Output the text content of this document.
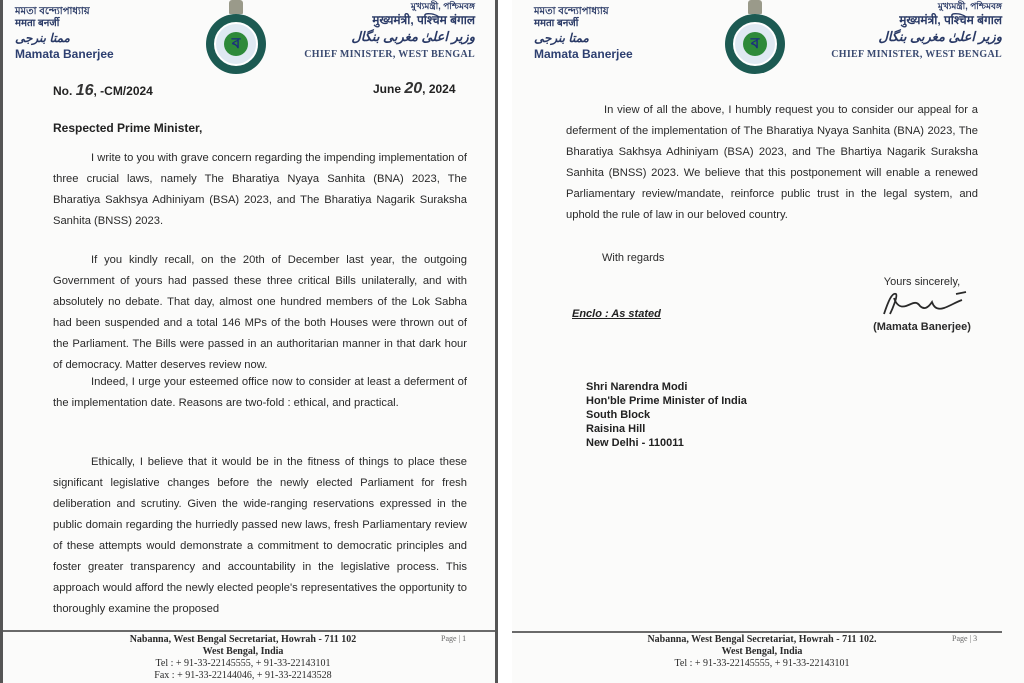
মমতা বন্দ্যোপাধ্যায়
ममता बनर्जी
ممتا بنرجی
Mamata Banerjee
ব
মুখ্যমন্ত্রী, পশ্চিমবঙ্গ
मुख्यमंत्री, पश्चिम बंगाल
وزیر اعلیٰ مغربی بنگال
CHIEF MINISTER, WEST BENGAL
No. 16, -CM/2024	June 20, 2024
Respected Prime Minister,
I write to you with grave concern regarding the impending implementation of three crucial laws, namely The Bharatiya Nyaya Sanhita (BNA) 2023, The Bharatiya Sakhsya Adhiniyam (BSA) 2023, and The Bharatiya Nagarik Suraksha Sanhita (BNSS) 2023.
If you kindly recall, on the 20th of December last year, the outgoing Government of yours had passed these three critical Bills unilaterally, and with absolutely no debate. That day, almost one hundred members of the Lok Sabha had been suspended and a total 146 MPs of the both Houses were thrown out of the Parliament. The Bills were passed in an authoritarian manner in that dark hour of democracy. Matter deserves review now.
Indeed, I urge your esteemed office now to consider at least a deferment of the implementation date. Reasons are two-fold : ethical, and practical.
Ethically, I believe that it would be in the fitness of things to place these significant legislative changes before the newly elected Parliament for fresh deliberation and scrutiny. Given the wide-ranging reservations expressed in the public domain regarding the hurriedly passed new laws, fresh Parliamentary review of these attempts would demonstrate a commitment to democratic principles and foster greater transparency and accountability in the legislative process. This approach would afford the newly elected people's representatives the opportunity to thoroughly examine the proposed
Page | 1
Nabanna, West Bengal Secretariat, Howrah - 711 102
West Bengal, India
Tel : + 91-33-22145555, + 91-33-22143101
Fax : + 91-33-22144046, + 91-33-22143528
মমতা বন্দ্যোপাধ্যায়
ममता बनर्जी
ممتا بنرجی
Mamata Banerjee
ব
মুখ্যমন্ত্রী, পশ্চিমবঙ্গ
मुख्यमंत्री, पश्चिम बंगाल
وزیر اعلیٰ مغربی بنگال
CHIEF MINISTER, WEST BENGAL
In view of all the above, I humbly request you to consider our appeal for a deferment of the implementation of The Bharatiya Nyaya Sanhita (BNA) 2023, The Bharatiya Sakhsya Adhiniyam (BSA) 2023, and The Bhartiya Nagarik Suraksha Sanhita (BNSS) 2023. We believe that this postponement will enable a renewed Parliamentary review/mandate, reinforce public trust in the legal system, and uphold the rule of law in our beloved country.
With regards
Yours sincerely,
(Mamata Banerjee)
Enclo : As stated
Shri Narendra Modi
Hon'ble Prime Minister of India
South Block
Raisina Hill
New Delhi - 110011
Page | 3
Nabanna, West Bengal Secretariat, Howrah - 711 102.
West Bengal, India
Tel : + 91-33-22145555, + 91-33-22143101
